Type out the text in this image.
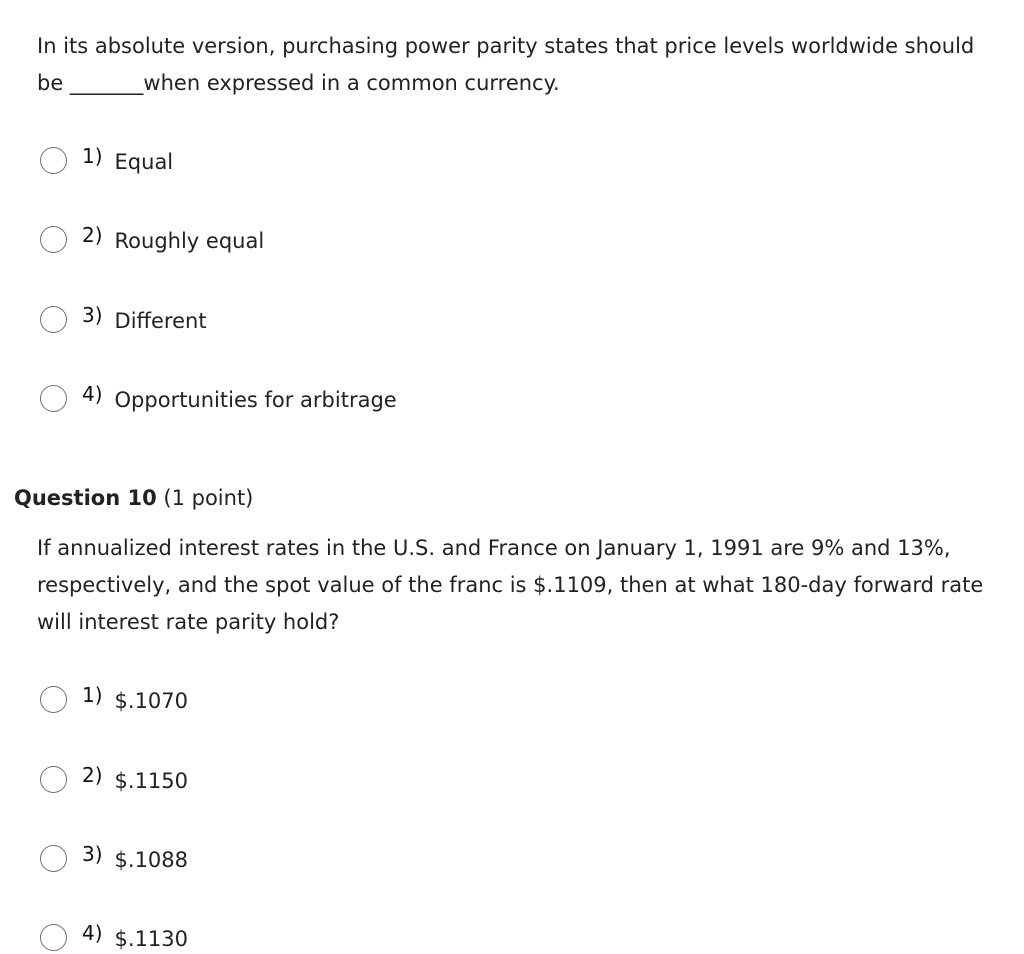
In its absolute version, purchasing power parity states that price levels worldwide should be _______when expressed in a common currency.

1) Equal
2) Roughly equal
3) Different
4) Opportunities for arbitrage
Question 10 (1 point)

If annualized interest rates in the U.S. and France on January 1, 1991 are 9% and 13%, respectively, and the spot value of the franc is $.1109, then at what 180-day forward rate will interest rate parity hold?

1) $.1070
2) $.1150
3) $.1088
4) $.1130
